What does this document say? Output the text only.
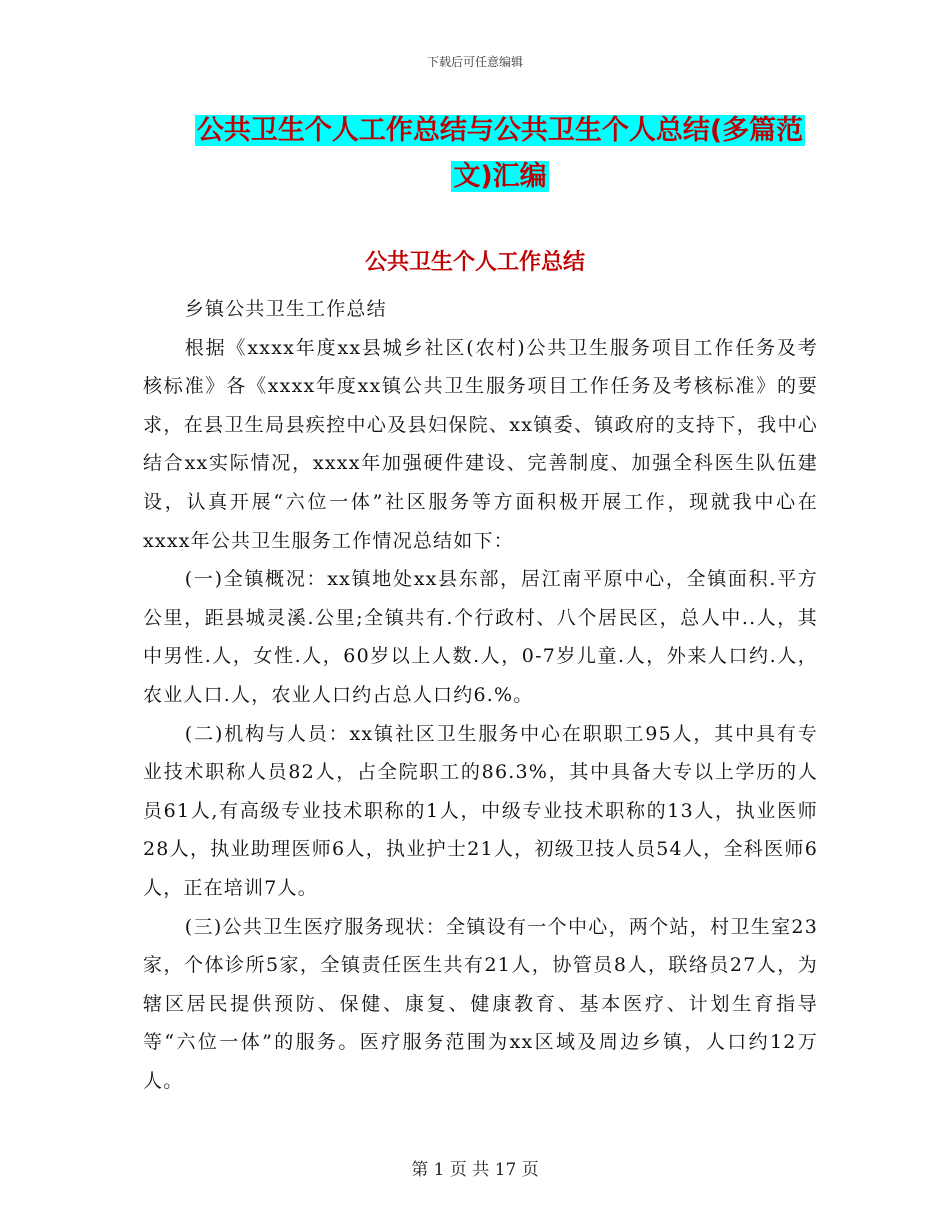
下载后可任意编辑
公共卫生个人工作总结与公共卫生个人总结(多篇范
文)汇编
公共卫生个人工作总结

乡镇公共卫生工作总结

根据《xxxx年度xx县城乡社区(农村)公共卫生服务项目工作任务及考核标准》各《xxxx年度xx镇公共卫生服务项目工作任务及考核标准》的要求，在县卫生局县疾控中心及县妇保院、xx镇委、镇政府的支持下，我中心结合xx实际情况，xxxx年加强硬件建设、完善制度、加强全科医生队伍建设，认真开展“六位一体”社区服务等方面积极开展工作，现就我中心在xxxx年公共卫生服务工作情况总结如下：

(一)全镇概况：xx镇地处xx县东部，居江南平原中心，全镇面积.平方公里，距县城灵溪.公里;全镇共有.个行政村、八个居民区，总人中..人，其中男性.人，女性.人，60岁以上人数.人，0-7岁儿童.人，外来人口约.人，农业人口.人，农业人口约占总人口约6.%。

(二)机构与人员：xx镇社区卫生服务中心在职职工95人，其中具有专业技术职称人员82人，占全院职工的86.3%，其中具备大专以上学历的人员61人,有高级专业技术职称的1人，中级专业技术职称的13人，执业医师28人，执业助理医师6人，执业护士21人，初级卫技人员54人，全科医师6人，正在培训7人。

(三)公共卫生医疗服务现状：全镇设有一个中心，两个站，村卫生室23家，个体诊所5家，全镇责任医生共有21人，协管员8人，联络员27人，为辖区居民提供预防、保健、康复、健康教育、基本医疗、计划生育指导等“六位一体”的服务。医疗服务范围为xx区域及周边乡镇，人口约12万人。

第 1 页 共 17 页
